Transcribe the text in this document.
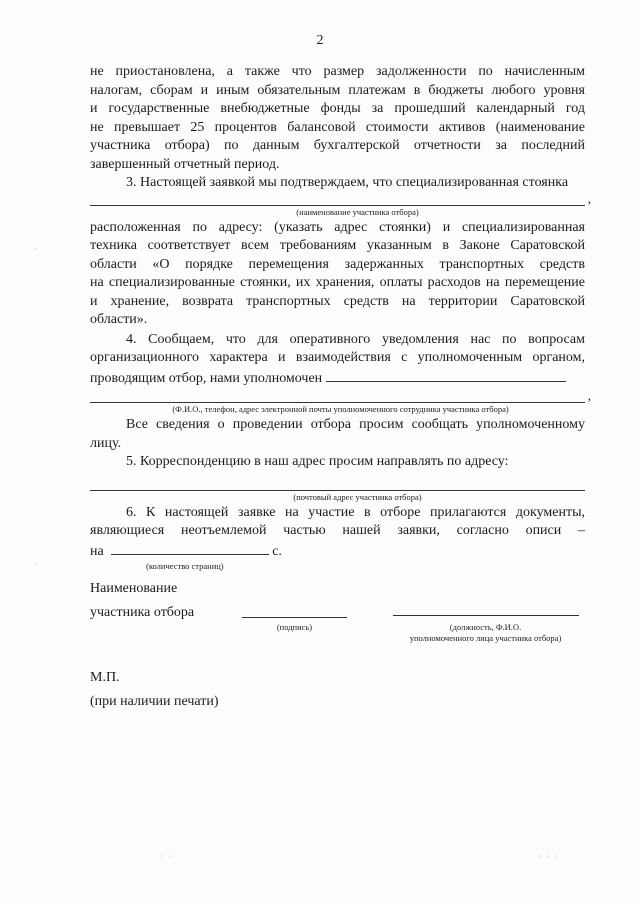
2

не приостановлена, а также что размер задолженности по начисленным

налогам, сборам и иным обязательным платежам в бюджеты любого уровня

и государственные внебюджетные фонды за прошедший календарный год

не превышает 25 процентов балансовой стоимости активов (наименование

участника отбора) по данным бухгалтерской отчетности за последний

завершенный отчетный период.

3. Настоящей заявкой мы подтверждаем, что специализированная стоянка

,

(наименование участника отбора)

расположенная по адресу: (указать адрес стоянки) и специализированная

техника соответствует всем требованиям указанным в Законе Саратовской

области «О порядке перемещения задержанных транспортных средств

на специализированные стоянки, их хранения, оплаты расходов на перемещение

и хранение, возврата транспортных средств на территории Саратовской

области».

4. Сообщаем, что для оперативного уведомления нас по вопросам

организационного характера и взаимодействия с уполномоченным органом,

проводящим отбор, нами уполномочен

,

(Ф.И.О., телефон, адрес электронной почты уполномоченного сотрудника участника отбора)

Все сведения о проведении отбора просим сообщать уполномоченному лицу.

5. Корреспонденцию в наш адрес просим направлять по адресу:

(почтовый адрес участника отбора)

6. К настоящей заявке на участие в отборе прилагаются документы,

являющиеся неотъемлемой частью нашей заявки, согласно описи –

на	с.

(количество страниц)

Наименование
участника отбора
(подпись)	(должность, Ф.И.О.
уполномоченного лица участника отбора)
М.П.
(при наличии печати)
· ·	· · ·
·
·
